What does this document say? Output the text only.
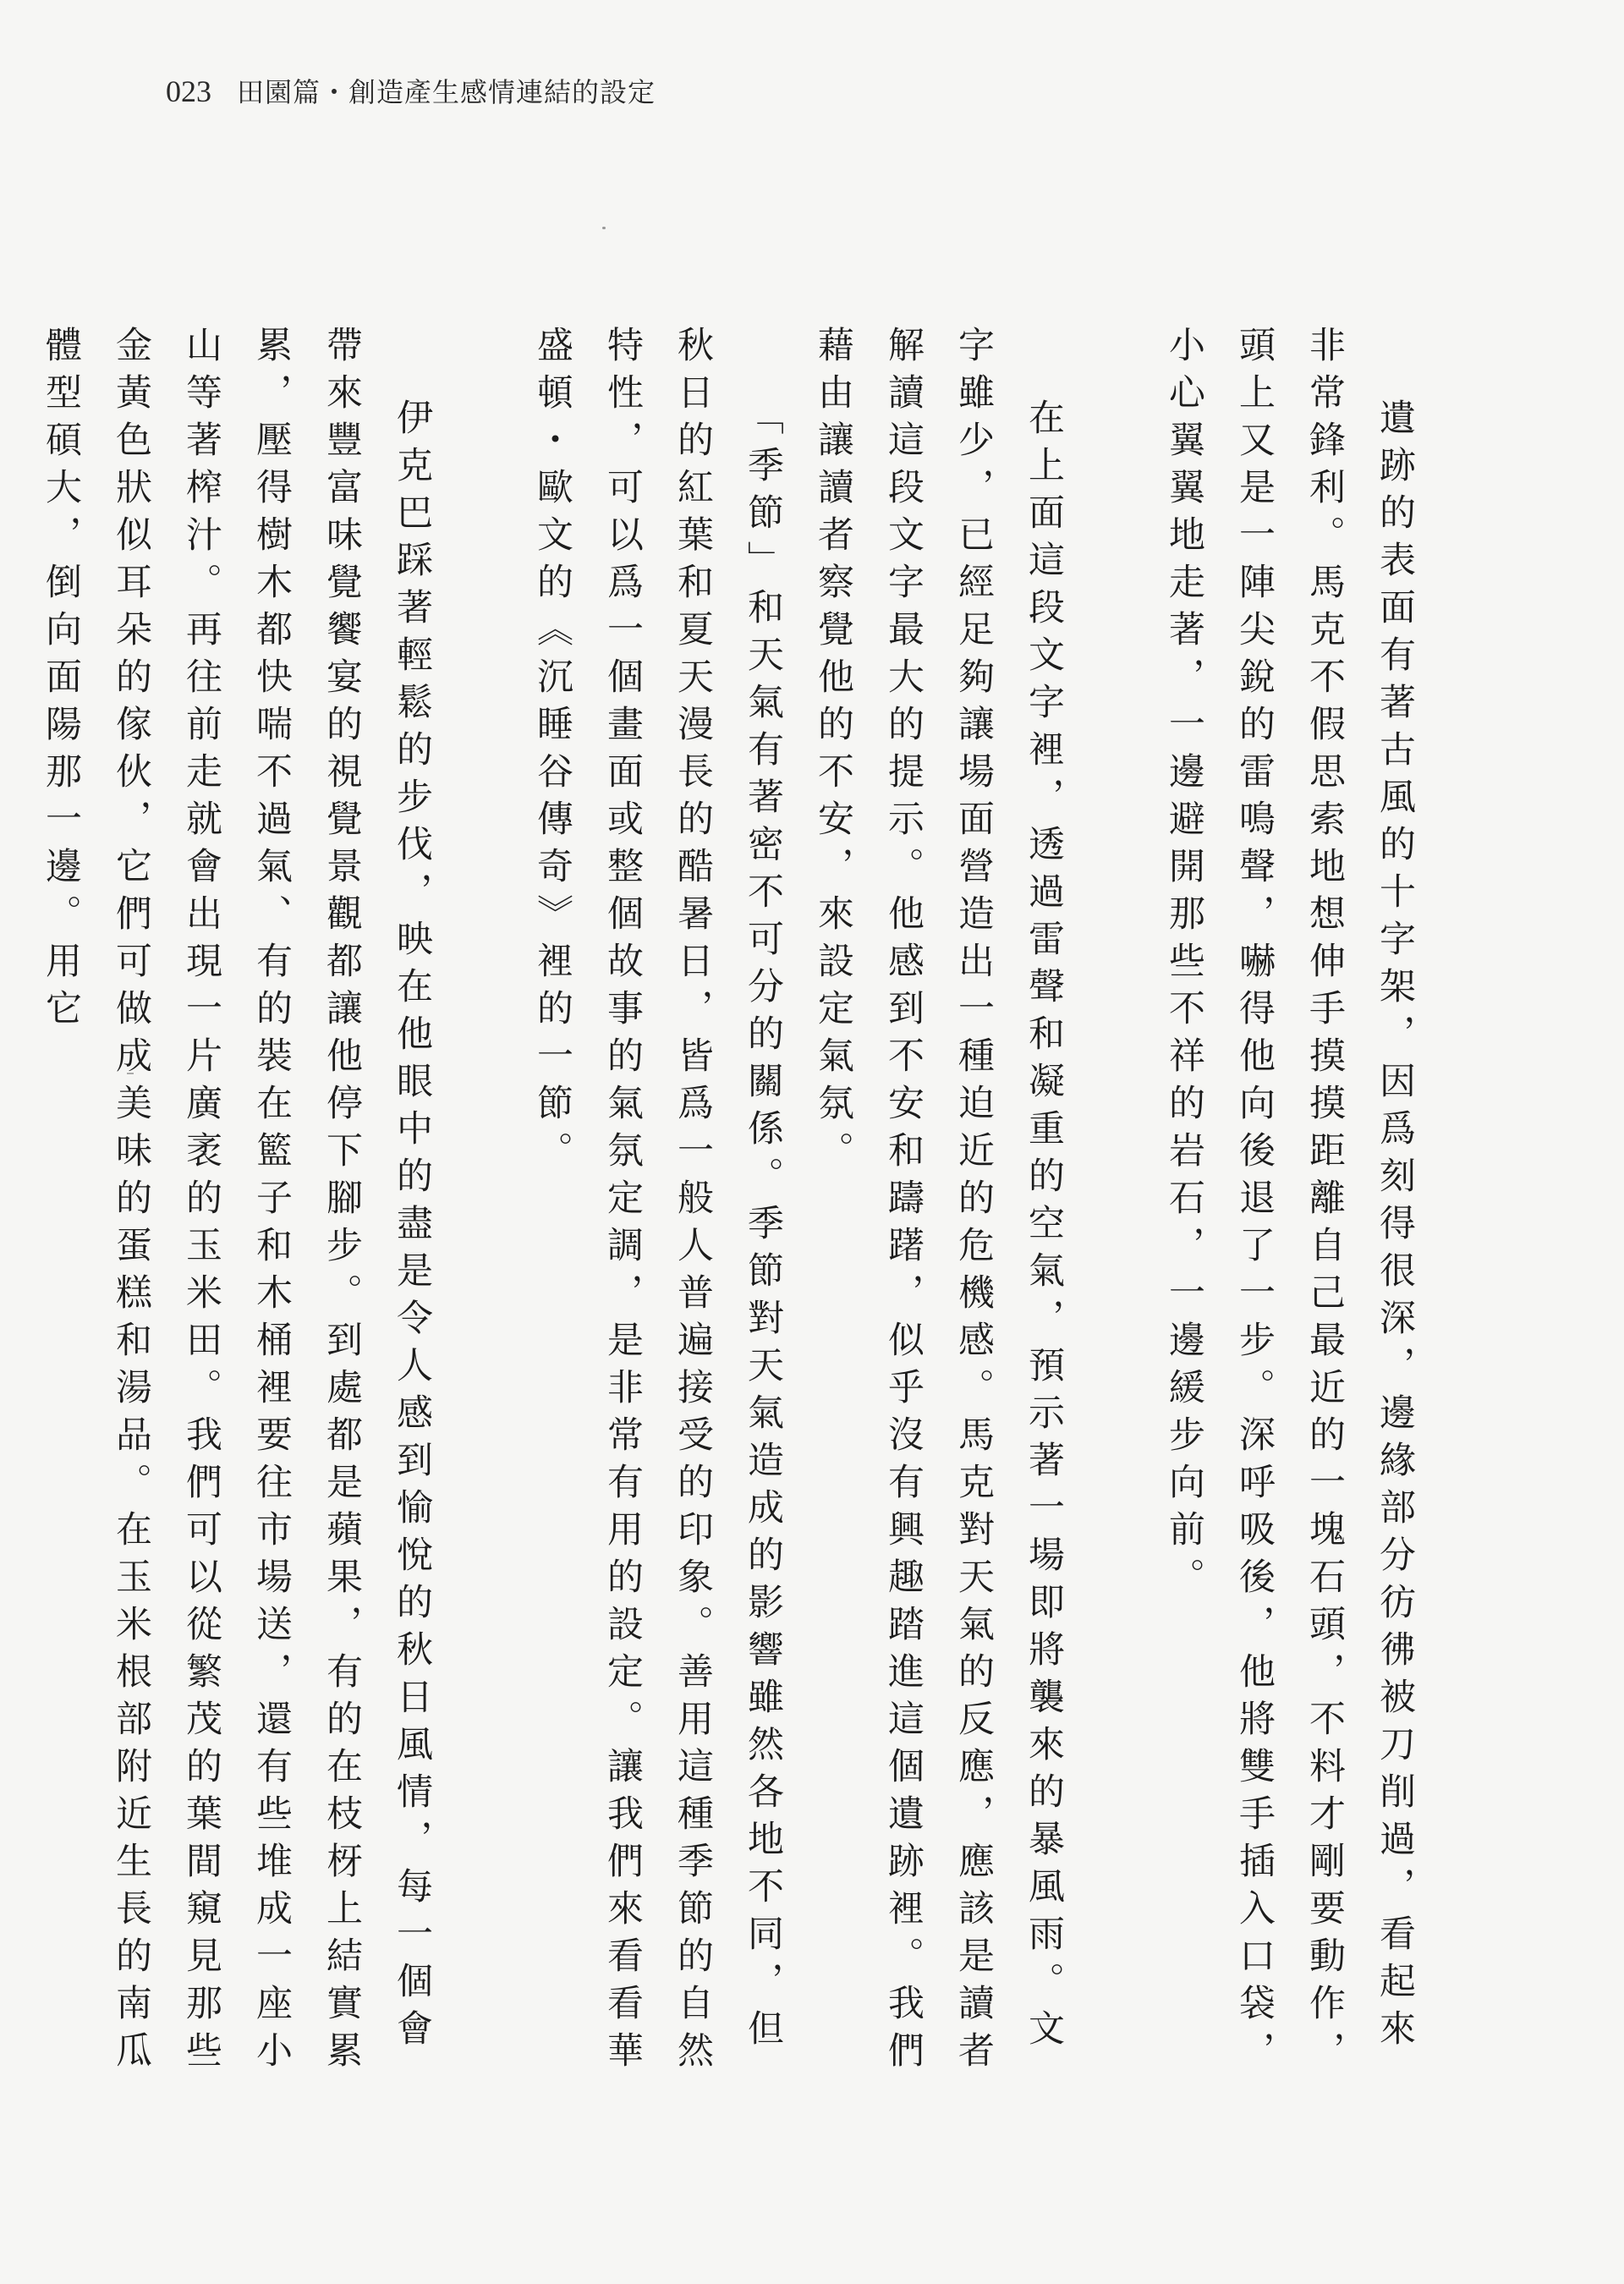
023 田園篇・創造產生感情連結的設定

遺跡的表面有著古風的十字架，因爲刻得很深，邊緣部分彷彿被刀削過，看起來非常鋒利。馬克不假思索地想伸手摸摸距離自己最近的一塊石頭，不料才剛要動作，頭上又是一陣尖銳的雷鳴聲，嚇得他向後退了一步。深呼吸後，他將雙手插入口袋，小心翼翼地走著，一邊避開那些不祥的岩石，一邊緩步向前。

在上面這段文字裡，透過雷聲和凝重的空氣，預示著一場即將襲來的暴風雨。文字雖少，已經足夠讓場面營造出一種迫近的危機感。馬克對天氣的反應，應該是讀者解讀這段文字最大的提示。他感到不安和躊躇，似乎沒有興趣踏進這個遺跡裡。我們藉由讓讀者察覺他的不安，來設定氣氛。

「季節」和天氣有著密不可分的關係。季節對天氣造成的影響雖然各地不同，但秋日的紅葉和夏天漫長的酷暑日，皆爲一般人普遍接受的印象。善用這種季節的自然特性，可以爲一個畫面或整個故事的氣氛定調，是非常有用的設定。讓我們來看看華盛頓・歐文的《沉睡谷傳奇》裡的一節。

伊克巴踩著輕鬆的步伐，映在他眼中的盡是令人感到愉悅的秋日風情，每一個會帶來豐富味覺饗宴的視覺景觀都讓他停下腳步。到處都是蘋果，有的在枝枒上結實累累，壓得樹木都快喘不過氣、有的裝在籃子和木桶裡要往市場送，還有些堆成一座小山等著榨汁。再往前走就會出現一片廣袤的玉米田。我們可以從繁茂的葉間窺見那些金黃色狀似耳朵的傢伙，它們可做成美味的蛋糕和湯品。在玉米根部附近生長的南瓜體型碩大，倒向面陽那一邊。用它
